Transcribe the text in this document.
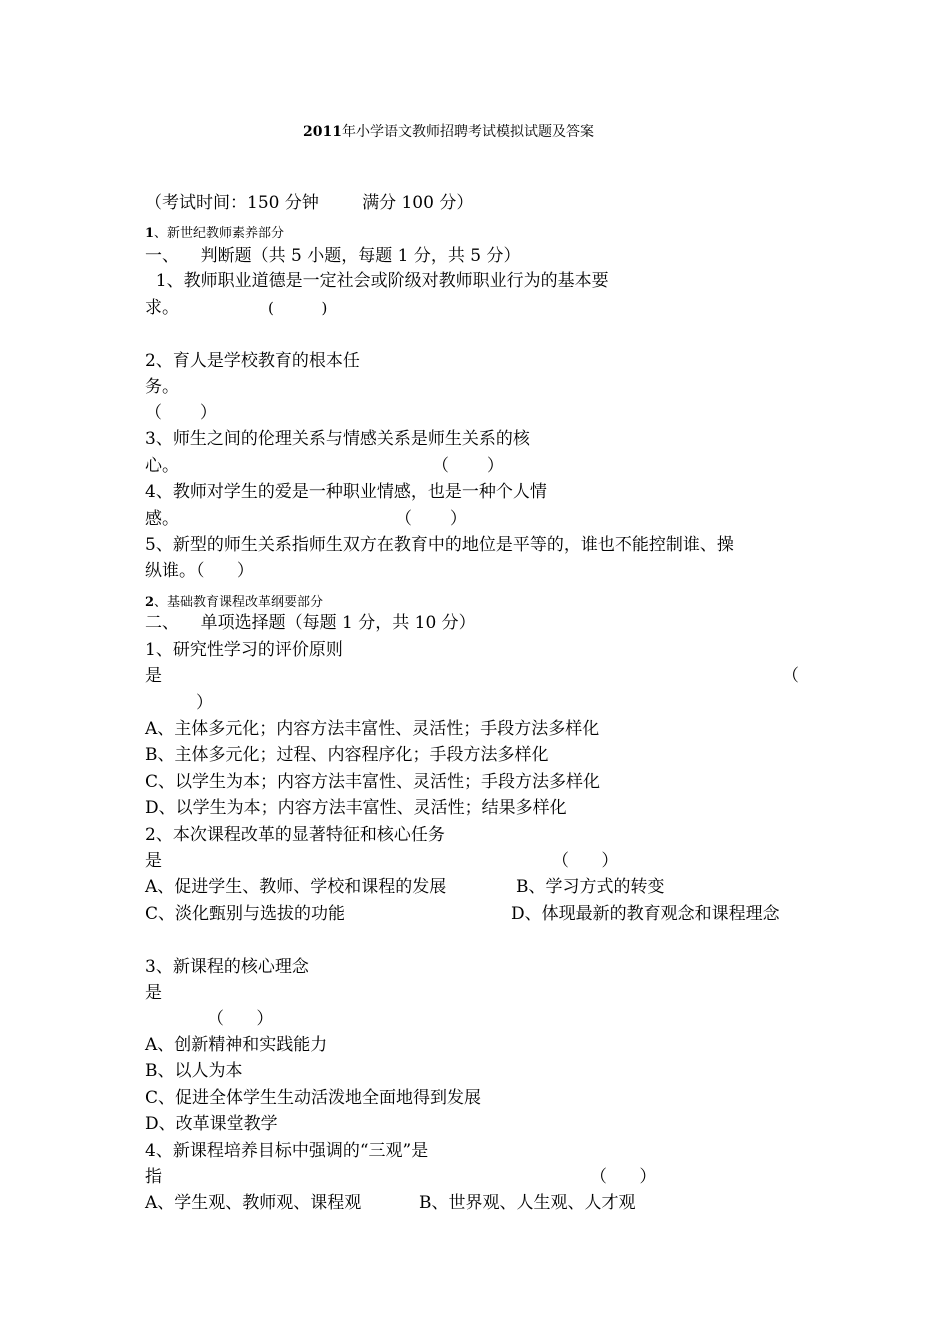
2011年小学语文教师招聘考试模拟试题及答案
（考试时间：150 分钟        满分 100 分）
1、新世纪教师素养部分
一、    判断题（共 5 小题，每题 1 分，共 5 分）
1、教师职业道德是一定社会或阶级对教师职业行为的基本要
求。	(          )
2、育人是学校教育的根本任
务。
（       ）
3、师生之间的伦理关系与情感关系是师生关系的核
心。	（       ）
4、教师对学生的爱是一种职业情感，也是一种个人情
感。	（       ）
5、新型的师生关系指师生双方在教育中的地位是平等的，谁也不能控制谁、操
纵谁。（      ）
2、基础教育课程改革纲要部分
二、    单项选择题（每题 1 分，共 10 分）
1、研究性学习的评价原则
是	（
）
A、主体多元化；内容方法丰富性、灵活性；手段方法多样化
B、主体多元化；过程、内容程序化；手段方法多样化
C、以学生为本；内容方法丰富性、灵活性；手段方法多样化
D、以学生为本；内容方法丰富性、灵活性；结果多样化
2、本次课程改革的显著特征和核心任务
是	（      ）
A、促进学生、教师、学校和课程的发展	B、学习方式的转变
C、淡化甄别与选拔的功能	D、体现最新的教育观念和课程理念
3、新课程的核心理念
是
（      ）
A、创新精神和实践能力
B、以人为本
C、促进全体学生生动活泼地全面地得到发展
D、改革课堂教学
4、新课程培养目标中强调的“三观”是
指	（      ）
A、学生观、教师观、课程观	B、世界观、人生观、人才观
